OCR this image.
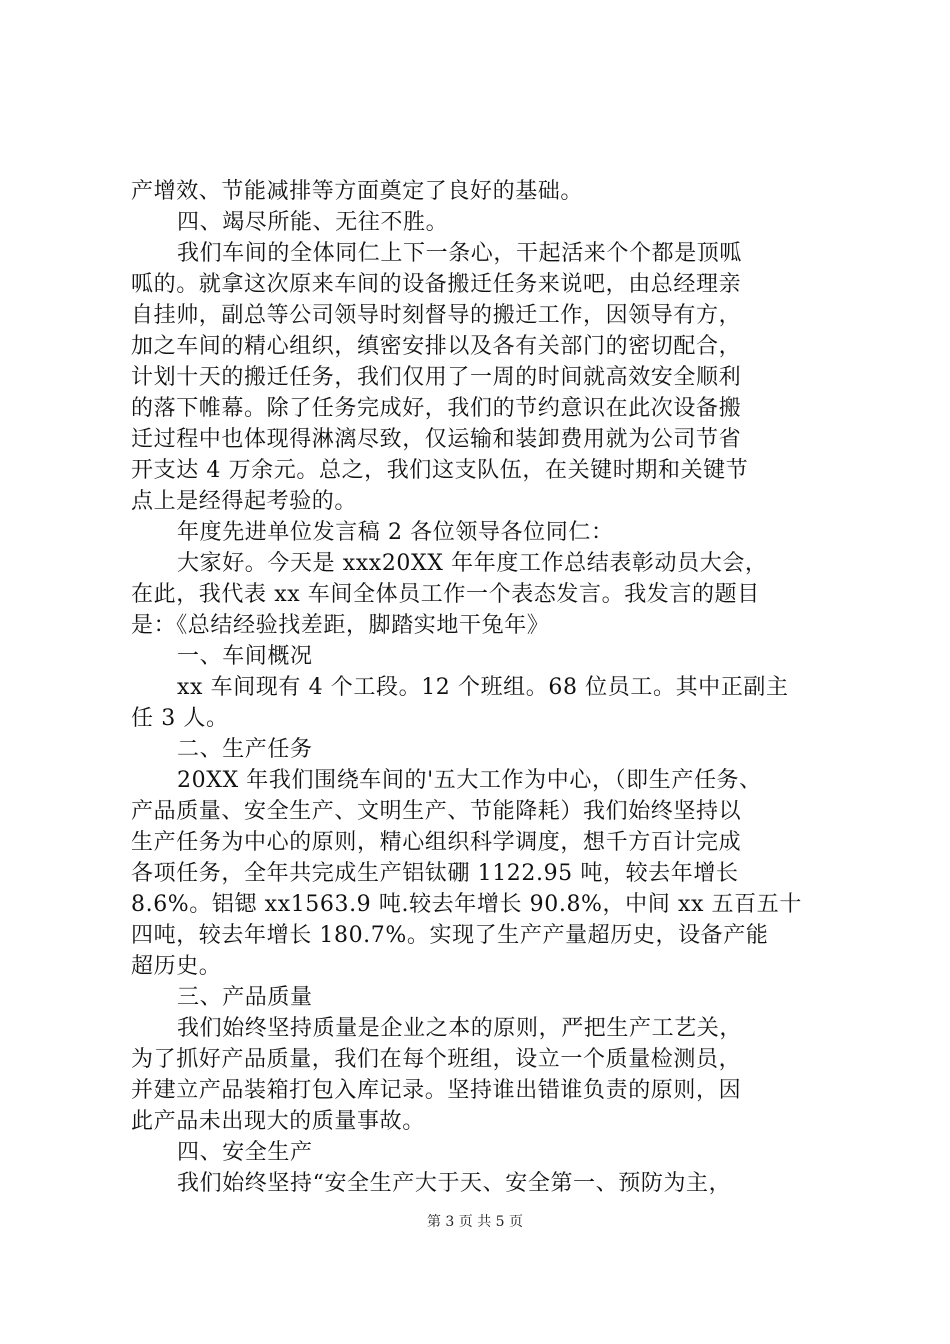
产增效、节能减排等方面奠定了良好的基础。
四、竭尽所能、无往不胜。
我们车间的全体同仁上下一条心，干起活来个个都是顶呱
呱的。就拿这次原来车间的设备搬迁任务来说吧，由总经理亲
自挂帅，副总等公司领导时刻督导的搬迁工作，因领导有方，
加之车间的精心组织，缜密安排以及各有关部门的密切配合，
计划十天的搬迁任务，我们仅用了一周的时间就高效安全顺利
的落下帷幕。除了任务完成好，我们的节约意识在此次设备搬
迁过程中也体现得淋漓尽致，仅运输和装卸费用就为公司节省
开支达 4 万余元。总之，我们这支队伍，在关键时期和关键节
点上是经得起考验的。
年度先进单位发言稿 2 各位领导各位同仁：
大家好。今天是 xxx20XX 年年度工作总结表彰动员大会，
在此，我代表 xx 车间全体员工作一个表态发言。我发言的题目
是：《总结经验找差距，脚踏实地干兔年》
一、车间概况
xx 车间现有 4 个工段。12 个班组。68 位员工。其中正副主
任 3 人。
二、生产任务
20XX 年我们围绕车间的'五大工作为中心，（即生产任务、
产品质量、安全生产、文明生产、节能降耗）我们始终坚持以
生产任务为中心的原则，精心组织科学调度，想千方百计完成
各项任务，全年共完成生产铝钛硼 1122.95 吨，较去年增长
8.6%。铝锶 xx1563.9 吨.较去年增长 90.8%，中间 xx 五百五十
四吨，较去年增长 180.7%。实现了生产产量超历史，设备产能
超历史。
三、产品质量
我们始终坚持质量是企业之本的原则，严把生产工艺关，
为了抓好产品质量，我们在每个班组，设立一个质量检测员，
并建立产品装箱打包入库记录。坚持谁出错谁负责的原则，因
此产品未出现大的质量事故。
四、安全生产
我们始终坚持“安全生产大于天、安全第一、预防为主，
第 3 页 共 5 页
